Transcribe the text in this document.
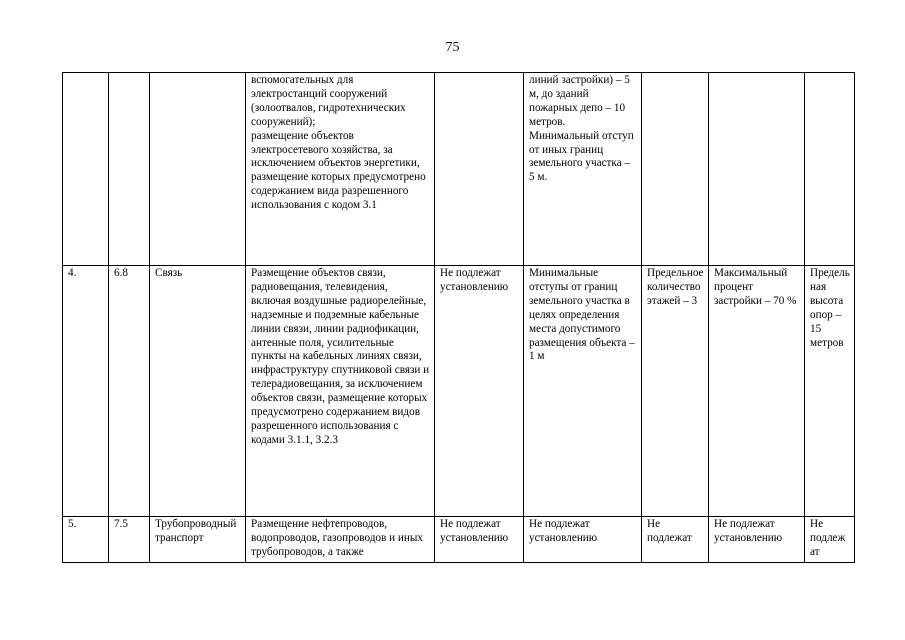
75
			вспомогательных для электростанций сооружений (золоотвалов, гидротехнических сооружений);
размещение объектов электросетевого хозяйства, за исключением объектов энергетики, размещение которых предусмотрено содержанием вида разрешенного использования с кодом 3.1		линий застройки) – 5 м, до зданий пожарных депо – 10 метров. Минимальный отступ от иных границ земельного участка – 5 м.			
4.	6.8	Связь	Размещение объектов связи, радиовещания, телевидения, включая воздушные радиорелейные, надземные и подземные кабельные линии связи, линии радиофикации, антенные поля, усилительные пункты на кабельных линиях связи, инфраструктуру спутниковой связи и телерадиовещания, за исключением объектов связи, размещение которых предусмотрено содержанием видов разрешенного использования с кодами 3.1.1, 3.2.3	Не подлежат установлению	Минимальные отступы от границ земельного участка в целях определения места допустимого размещения объекта – 1 м	Предельное количество этажей – 3	Максимальный процент застройки – 70 %	Предельная высота опор – 15 метров
5.	7.5	Трубопроводный транспорт	Размещение нефтепроводов, водопроводов, газопроводов и иных трубопроводов, а также	Не подлежат установлению	Не подлежат установлению	Не подлежат	Не подлежат установлению	Не подлежат
